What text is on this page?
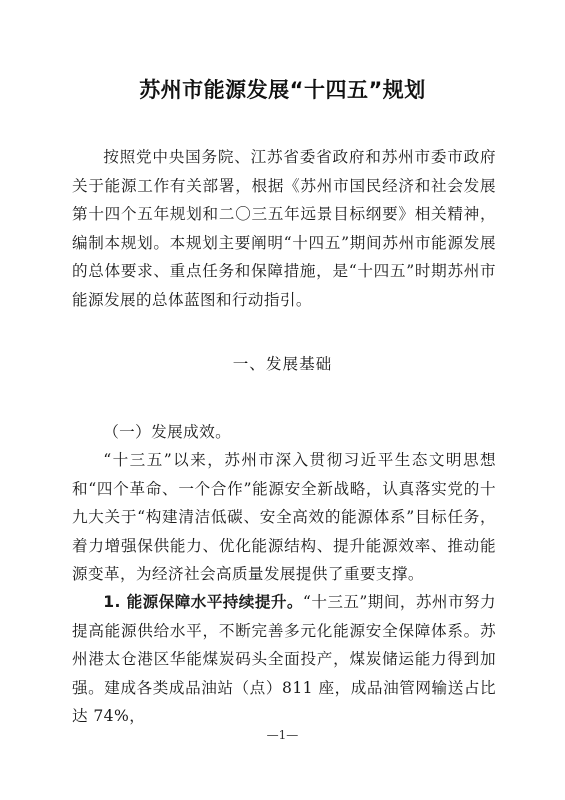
苏州市能源发展“十四五”规划

按照党中央国务院、江苏省委省政府和苏州市委市政府关于能源工作有关部署，根据《苏州市国民经济和社会发展第十四个五年规划和二〇三五年远景目标纲要》相关精神，编制本规划。本规划主要阐明“十四五”期间苏州市能源发展的总体要求、重点任务和保障措施，是“十四五”时期苏州市能源发展的总体蓝图和行动指引。

一、发展基础

（一）发展成效。

“十三五”以来，苏州市深入贯彻习近平生态文明思想和“四个革命、一个合作”能源安全新战略，认真落实党的十九大关于“构建清洁低碳、安全高效的能源体系”目标任务，着力增强保供能力、优化能源结构、提升能源效率、推动能源变革，为经济社会高质量发展提供了重要支撑。

1. 能源保障水平持续提升。“十三五”期间，苏州市努力提高能源供给水平，不断完善多元化能源安全保障体系。苏州港太仓港区华能煤炭码头全面投产，煤炭储运能力得到加强。建成各类成品油站（点）811 座，成品油管网输送占比达 74%，

—1—
